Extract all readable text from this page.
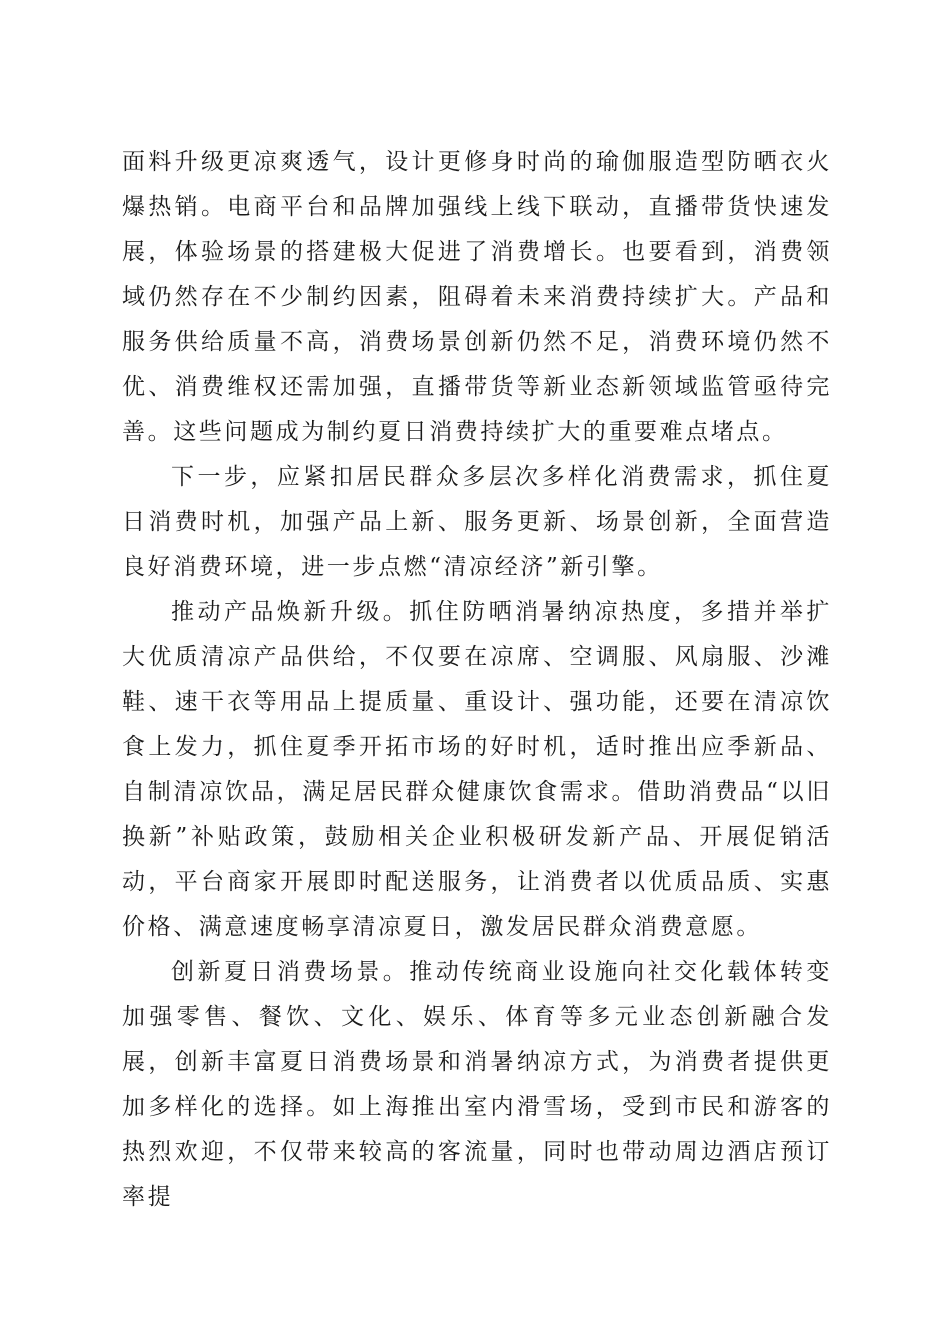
面料升级更凉爽透气，设计更修身时尚的瑜伽服造型防晒衣火爆热销。电商平台和品牌加强线上线下联动，直播带货快速发展，体验场景的搭建极大促进了消费增长。也要看到，消费领域仍然存在不少制约因素，阻碍着未来消费持续扩大。产品和服务供给质量不高，消费场景创新仍然不足，消费环境仍然不优、消费维权还需加强，直播带货等新业态新领域监管亟待完善。这些问题成为制约夏日消费持续扩大的重要难点堵点。

下一步，应紧扣居民群众多层次多样化消费需求，抓住夏日消费时机，加强产品上新、服务更新、场景创新，全面营造良好消费环境，进一步点燃“清凉经济”新引擎。

推动产品焕新升级。抓住防晒消暑纳凉热度，多措并举扩大优质清凉产品供给，不仅要在凉席、空调服、风扇服、沙滩鞋、速干衣等用品上提质量、重设计、强功能，还要在清凉饮食上发力，抓住夏季开拓市场的好时机，适时推出应季新品、自制清凉饮品，满足居民群众健康饮食需求。借助消费品“以旧换新”补贴政策，鼓励相关企业积极研发新产品、开展促销活动，平台商家开展即时配送服务，让消费者以优质品质、实惠价格、满意速度畅享清凉夏日，激发居民群众消费意愿。

创新夏日消费场景。推动传统商业设施向社交化载体转变加强零售、餐饮、文化、娱乐、体育等多元业态创新融合发展，创新丰富夏日消费场景和消暑纳凉方式，为消费者提供更加多样化的选择。如上海推出室内滑雪场，受到市民和游客的热烈欢迎，不仅带来较高的客流量，同时也带动周边酒店预订率提
